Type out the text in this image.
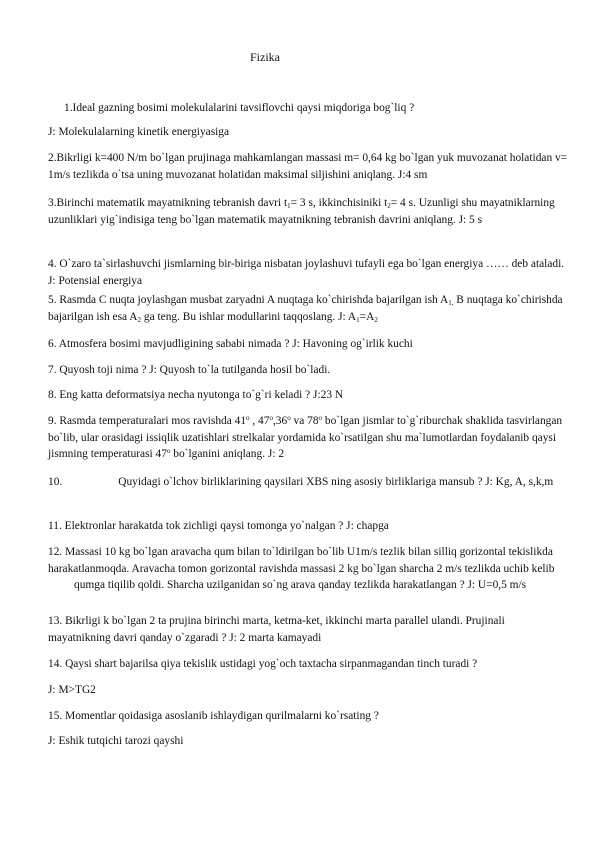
Fizika
1.Ideal gazning bosimi molekulalarini tavsiflovchi qaysi miqdoriga bog`liq ?
J: Molekulalarning kinetik energiyasiga
2.Bikrligi k=400 N/m bo`lgan prujinaga mahkamlangan massasi m= 0,64 kg bo`lgan yuk muvozanat holatidan v= 1m/s tezlikda o`tsa uning muvozanat holatidan maksimal siljishini aniqlang. J:4 sm
3.Birinchi matematik mayatnikning tebranish davri $t_1= 3$ s, ikkinchisiniki $t_2= 4$ s. Uzunligi shu mayatniklarning uzunliklari yig`indisiga teng bo`lgan matematik mayatnikning tebranish davrini aniqlang. J: 5 s
4. O`zaro ta`sirlashuvchi jismlarning bir-biriga nisbatan joylashuvi tufayli ega bo`lgan energiya …… deb ataladi. J: Potensial energiya
5. Rasmda C nuqta joylashgan musbat zaryadni A nuqtaga ko`chirishda bajarilgan ish $A_{1,}$ B nuqtaga ko`chirishda bajarilgan ish esa $A_2$ ga teng. Bu ishlar modullarini taqqoslang. J: $A_1=A_2$
6. Atmosfera bosimi mavjudligining sababi nimada ? J: Havoning og`irlik kuchi
7. Quyosh toji nima ? J: Quyosh to`la tutilganda hosil bo`ladi.
8. Eng katta deformatsiya necha nyutonga to`g`ri keladi ? J:23 N
9. Rasmda temperaturalari mos ravishda 41$^o$ , 47$^o$,36$^o$ va 78$^o$ bo`lgan jismlar to`g`riburchak shaklida tasvirlangan bo`lib, ular orasidagi issiqlik uzatishlari strelkalar yordamida ko`rsatilgan shu ma`lumotlardan foydalanib qaysi jismning temperaturasi 47$^o$ bo`lganini aniqlang. J: 2
10.	Quyidagi o`lchov birliklarining qaysilari XBS ning asosiy birliklariga mansub ? J: Kg, A, s,k,m
11. Elektronlar harakatda tok zichligi qaysi tomonga yo`nalgan ? J: chapga
12. Massasi 10 kg bo`lgan aravacha qum bilan to`ldirilgan bo`lib U1m/s tezlik bilan silliq gorizontal tekislikda harakatlanmoqda. Aravacha tomon gorizontal ravishda massasi 2 kg bo`lgan sharcha 2 m/s tezlikda uchib kelibqumga tiqilib qoldi. Sharcha uzilganidan so`ng arava qanday tezlikda harakatlangan ? J: U=0,5 m/s
13. Bikrligi k bo`lgan 2 ta prujina birinchi marta, ketma-ket, ikkinchi marta parallel ulandi. Prujinali mayatnikning davri qanday o`zgaradi ? J: 2 marta kamayadi
14. Qaysi shart bajarilsa qiya tekislik ustidagi yog`och taxtacha sirpanmagandan tinch turadi ?
J: M>TG2
15. Momentlar qoidasiga asoslanib ishlaydigan qurilmalarni ko`rsating ?
J: Eshik tutqichi tarozi qayshi
